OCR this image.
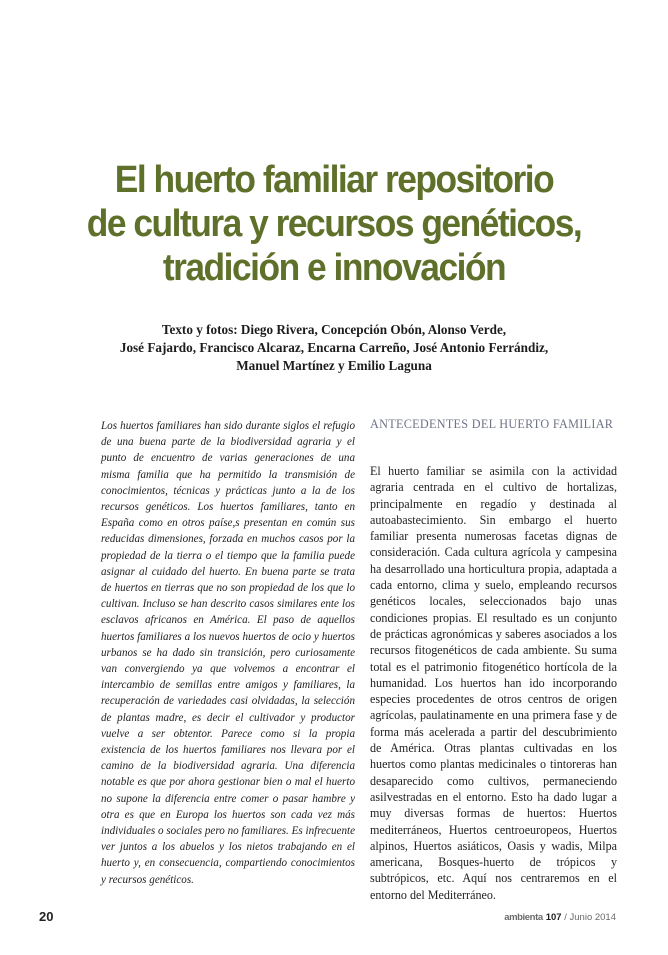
El huerto familiar repositorio
de cultura y recursos genéticos,
tradición e innovación
Texto y fotos: Diego Rivera, Concepción Obón, Alonso Verde,
José Fajardo, Francisco Alcaraz, Encarna Carreño, José Antonio Ferrándiz,
Manuel Martínez y Emilio Laguna

Los huertos familiares han sido durante siglos el refugio de una buena parte de la biodiversidad agraria y el punto de encuentro de varias generaciones de una misma familia que ha permitido la transmisión de conocimientos, técnicas y prácticas junto a la de los recursos genéticos. Los huertos familiares, tanto en España como en otros paíse,s presentan en común sus reducidas dimensiones, forzada en muchos casos por la propiedad de la tierra o el tiempo que la familia puede asignar al cuidado del huerto. En buena parte se trata de huertos en tierras que no son propiedad de los que lo cultivan. Incluso se han descrito casos similares ente los esclavos africanos en América. El paso de aquellos huertos familiares a los nuevos huertos de ocio y huertos urbanos se ha dado sin transición, pero curiosamente van convergiendo ya que volvemos a encontrar el intercambio de semillas entre amigos y familiares, la recuperación de variedades casi olvidadas, la selección de plantas madre, es decir el cultivador y productor vuelve a ser obtentor. Parece como si la propia existencia de los huertos familiares nos llevara por el camino de la biodiversidad agraria. Una diferencia notable es que por ahora gestionar bien o mal el huerto no supone la diferencia entre comer o pasar hambre y otra es que en Europa los huertos son cada vez más individuales o sociales pero no familiares. Es infrecuente ver juntos a los abuelos y los nietos trabajando en el huerto y, en consecuencia, compartiendo conocimientos y recursos genéticos.

ANTECEDENTES DEL HUERTO FAMILIAR

El huerto familiar se asimila con la actividad agraria centrada en el cultivo de hortalizas, principalmente en regadío y destinada al autoabastecimiento. Sin embargo el huerto familiar presenta numerosas facetas dignas de consideración. Cada cultura agrícola y campesina ha desarrollado una horticultura propia, adaptada a cada entorno, clima y suelo, empleando recursos genéticos locales, seleccionados bajo unas condiciones propias. El resultado es un conjunto de prácticas agronómicas y saberes asociados a los recursos fitogenéticos de cada ambiente. Su suma total es el patrimonio fitogenético hortícola de la humanidad. Los huertos han ido incorporando especies procedentes de otros centros de origen agrícolas, paulatinamente en una primera fase y de forma más acelerada a partir del descubrimiento de América. Otras plantas cultivadas en los huertos como plantas medicinales o tintoreras han desaparecido como cultivos, permaneciendo asilvestradas en el entorno. Esto ha dado lugar a muy diversas formas de huertos: Huertos mediterráneos, Huertos centroeuropeos, Huertos alpinos, Huertos asiáticos, Oasis y wadis, Milpa americana, Bosques-huerto de trópicos y subtrópicos, etc. Aquí nos centraremos en el entorno del Mediterráneo.

20	ambienta 107 / Junio 2014
